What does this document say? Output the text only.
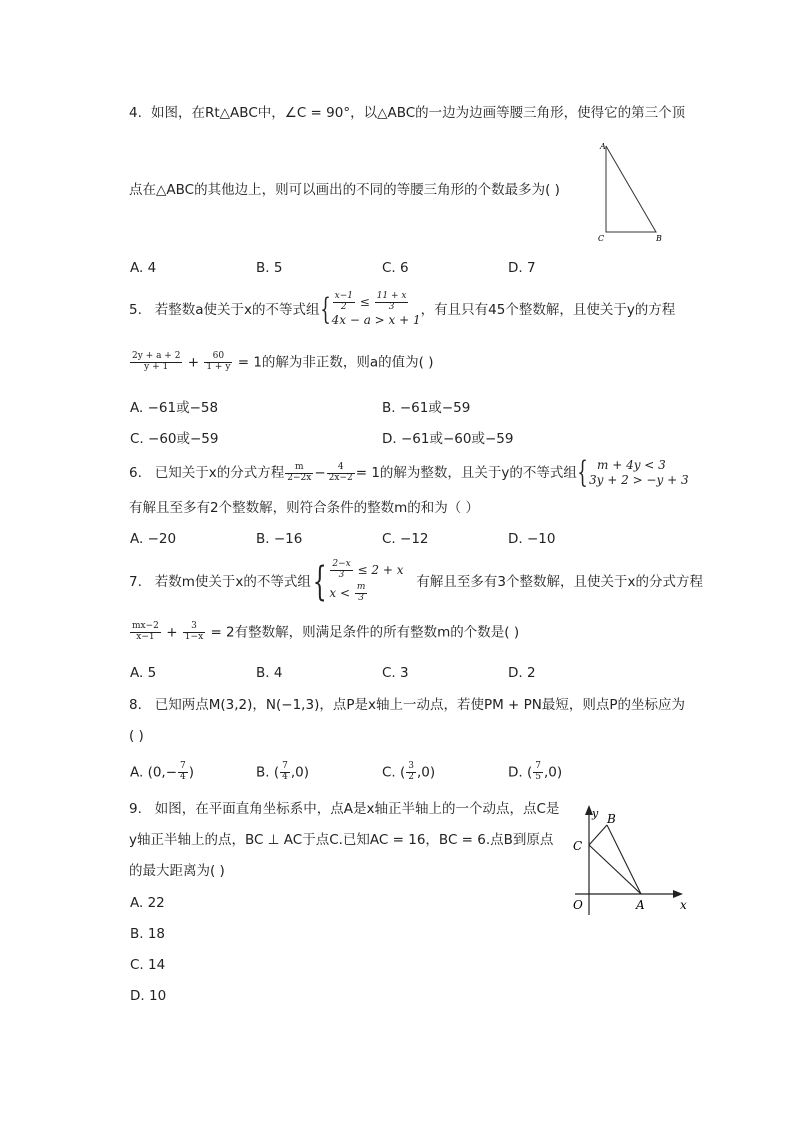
4. 如图，在Rt△ABC中，∠C = 90°，以△ABC的一边为边画等腰三角形，使得它的第三个顶
点在△ABC的其他边上，则可以画出的不同的等腰三角形的个数最多为( )
A
C	B
A. 4	B. 5	C. 6	D. 7
5. 若整数a使关于x的不等式组{ $\frac{x-1}{2} \le \frac{11 + x}{3}$
4x − a > x + 1
，有且只有45个整数解，且使关于y的方程
$\frac{2y + a + 2}{y + 1} + \frac{60}{1 + y} = 1$的解为非正数，则a的值为( )
A. −61或−58	B. −61或−59
C. −60或−59	D. −61或−60或−59
6. 已知关于x的分式方程 $\frac{m}{2-2x} - \frac{4}{2x-2} = 1$的解为整数，且关于y的不等式组{ m + 4y < 3
3y + 2 > −y + 3
有解且至多有2个整数解，则符合条件的整数m的和为（ ）
A. −20	B. −16	C. −12	D. −10
7. 若数m使关于x的不等式组{ $\frac{2-x}{3} \le 2 + x$
$x < \frac{m}{3}$
有解且至多有3个整数解，且使关于x的分式方程
$\frac{mx-2}{x-1} + \frac{3}{1-x} = 2$有整数解，则满足条件的所有整数m的个数是( )
A. 5	B. 4	C. 3	D. 2
8. 已知两点M(3,2)，N(−1,3)，点P是x轴上一动点，若使PM + PN最短，则点P的坐标应为
( )
A. ($0,- \frac{7}{4}$ )	B. ( $\frac{7}{4} ,0$)	C. ( $\frac{3}{2} ,0$)	D. ( $\frac{7}{5} ,0$)
9. 如图，在平面直角坐标系中，点A是x轴正半轴上的一个动点，点C是
y轴正半轴上的点，BC ⊥ AC于点C.已知AC = 16，BC = 6.点B到原点
的最大距离为( )
y B
C
O	A	x
A. 22
B. 18
C. 14
D. 10
